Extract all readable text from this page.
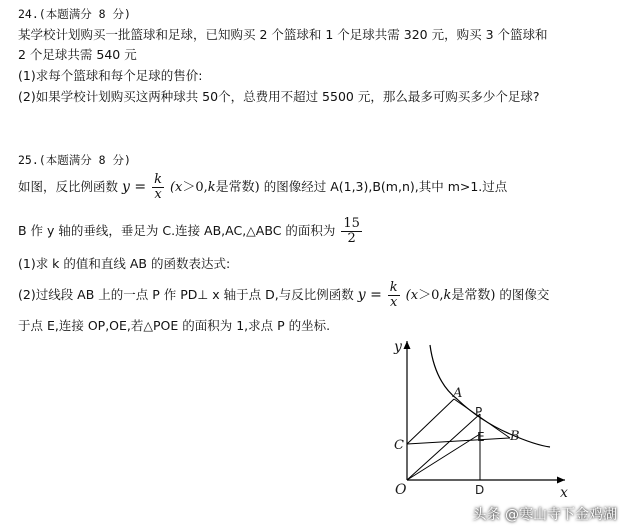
24.(本题满分 8 分)
某学校计划购买一批篮球和足球，已知购买 2 个篮球和 1 个足球共需 320 元，购买 3 个篮球和
2 个足球共需 540 元
(1)求每个篮球和每个足球的售价:
(2)如果学校计划购买这两种球共 50个，总费用不超过 5500 元，那么最多可购买多少个足球?
25.(本题满分 8 分)
如图，反比例函数 $y = \frac{k}{x} (x>0,k$是常数) 的图像经过 A(1,3),B(m,n),其中 m>1.过点
B 作 y 轴的垂线，垂足为 C.连接 AB,AC,△ABC 的面积为 $\frac{15}{2}$
(1)求 k 的值和直线 AB 的函数表达式:
(2)过线段 AB 上的一点 P 作 PD⊥ x 轴于点 D,与反比例函数 $y = \frac{k}{x} (x>0,k$是常数) 的图像交
于点 E,连接 OP,OE,若△POE 的面积为 1,求点 P 的坐标.
y
x
O
A
B
C
P
E
D
头条 @寒山寺下金鸡湖
